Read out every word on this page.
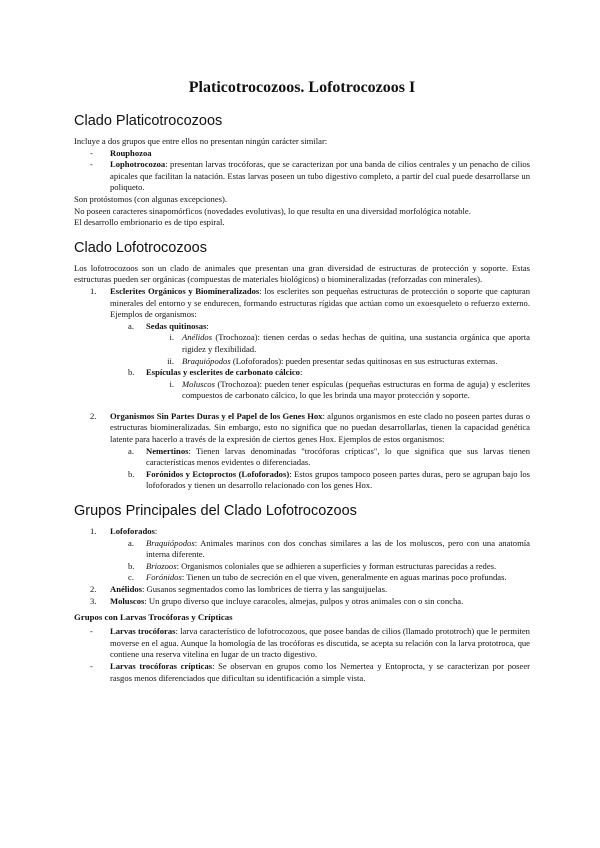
Platicotrocozoos. Lofotrocozoos I
Clado Platicotrocozoos

Incluye a dos grupos que entre ellos no presentan ningún carácter similar:

- Rouphozoa
- Lophotrocozoa: presentan larvas trocóforas, que se caracterizan por una banda de cilios centrales y un penacho de cilios apicales que facilitan la natación. Estas larvas poseen un tubo digestivo completo, a partir del cual puede desarrollarse un poliqueto.

Son protóstomos (con algunas excepciones).

No poseen caracteres sinapomórficos (novedades evolutivas), lo que resulta en una diversidad morfológica notable.

El desarrollo embrionario es de tipo espiral.

Clado Lofotrocozoos

Los lofotrocozoos son un clado de animales que presentan una gran diversidad de estructuras de protección y soporte. Estas estructuras pueden ser orgánicas (compuestas de materiales biológicos) o biomineralizadas (reforzadas con minerales).

1. Esclerites Orgánicos y Biomineralizados: los esclerites son pequeñas estructuras de protección o soporte que capturan minerales del entorno y se endurecen, formando estructuras rígidas que actúan como un exoesqueleto o refuerzo externo. Ejemplos de organismos:
a. Sedas quitinosas:
i. Anélidos (Trochozoa): tienen cerdas o sedas hechas de quitina, una sustancia orgánica que aporta rigidez y flexibilidad.
ii. Braquiópodos (Lofoforados): pueden presentar sedas quitinosas en sus estructuras externas.
b. Espículas y esclerites de carbonato cálcico:
i. Moluscos (Trochozoa): pueden tener espículas (pequeñas estructuras en forma de aguja) y esclerites compuestos de carbonato cálcico, lo que les brinda una mayor protección y soporte.
2. Organismos Sin Partes Duras y el Papel de los Genes Hox: algunos organismos en este clado no poseen partes duras o estructuras biomineralizadas. Sin embargo, esto no significa que no puedan desarrollarlas, tienen la capacidad genética latente para hacerlo a través de la expresión de ciertos genes Hox. Ejemplos de estos organismos:
a. Nemertinos: Tienen larvas denominadas "trocóforas crípticas", lo que significa que sus larvas tienen características menos evidentes o diferenciadas.
b. Forónidos y Ectoproctos (Lofoforados): Estos grupos tampoco poseen partes duras, pero se agrupan bajo los lofoforados y tienen un desarrollo relacionado con los genes Hox.
Grupos Principales del Clado Lofotrocozoos
1. Lofoforados:
a. Braquiópodos: Animales marinos con dos conchas similares a las de los moluscos, pero con una anatomía interna diferente.
b. Briozoos: Organismos coloniales que se adhieren a superficies y forman estructuras parecidas a redes.
c. Forónidos: Tienen un tubo de secreción en el que viven, generalmente en aguas marinas poco profundas.
2. Anélidos: Gusanos segmentados como las lombrices de tierra y las sanguijuelas.
3. Moluscos: Un grupo diverso que incluye caracoles, almejas, pulpos y otros animales con o sin concha.
Grupos con Larvas Trocóforas y Crípticas
- Larvas trocóforas: larva característico de lofotrocozoos, que posee bandas de cilios (llamado prototroch) que le permiten moverse en el agua. Aunque la homología de las trocóforas es discutida, se acepta su relación con la larva prototroca, que contiene una reserva vitelina en lugar de un tracto digestivo.
- Larvas trocóforas crípticas: Se observan en grupos como los Nemertea y Entoprocta, y se caracterizan por poseer rasgos menos diferenciados que dificultan su identificación a simple vista.
